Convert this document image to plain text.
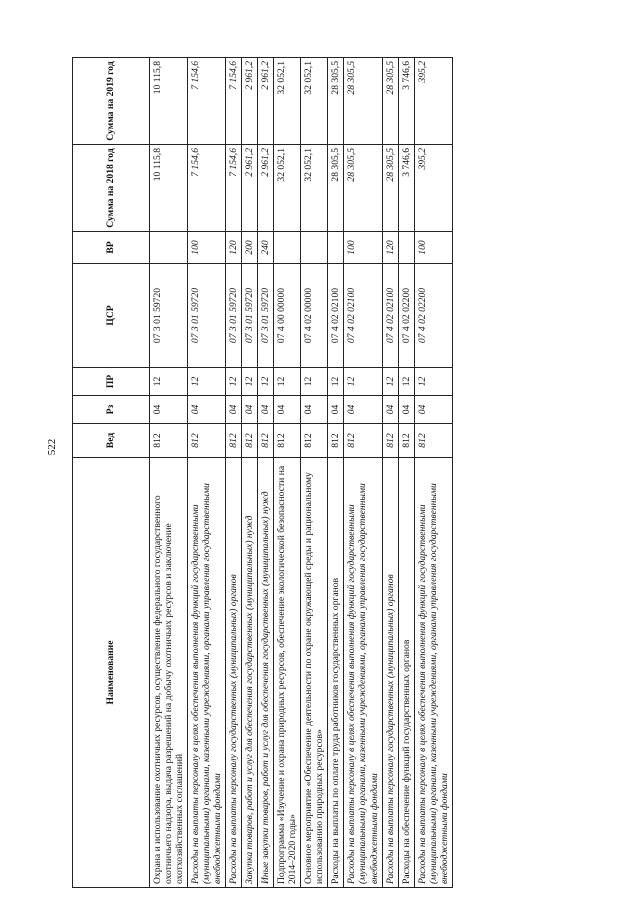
522
Наименование	Вед	Рз	ПР	ЦСР	ВР	Сумма на 2018 год	Сумма на 2019 год
Охрана и использование охотничьих ресурсов, осуществление федерального государственного охотничьего надзора, выдача разрешений на добычу охотничьих ресурсов и заключение охотхозяйственных соглашений	812	04	12	07 3 01 59720		10 115,8	10 115,8
Расходы на выплаты персоналу в целях обеспечения выполнения функций государственными (муниципальными) органами, казенными учреждениями, органами управления государственными внебюджетными фондами	812	04	12	07 3 01 59720	100	7 154,6	7 154,6
Расходы на выплаты персоналу государственных (муниципальных) органов	812	04	12	07 3 01 59720	120	7 154,6	7 154,6
Закупка товаров, работ и услуг для обеспечения государственных (муниципальных) нужд	812	04	12	07 3 01 59720	200	2 961,2	2 961,2
Иные закупки товаров, работ и услуг для обеспечения государственных (муниципальных) нужд	812	04	12	07 3 01 59720	240	2 961,2	2 961,2
Подпрограмма «Изучение и охрана природных ресурсов, обеспечение экологической безопасности на 2014–2020 годы»	812	04	12	07 4 00 00000		32 052,1	32 052,1
Основное мероприятие «Обеспечение деятельности по охране окружающей среды и рациональному использованию природных ресурсов»	812	04	12	07 4 02 00000		32 052,1	32 052,1
Расходы на выплаты по оплате труда работников государственных органов	812	04	12	07 4 02 02100		28 305,5	28 305,5
Расходы на выплаты персоналу в целях обеспечения выполнения функций государственными (муниципальными) органами, казенными учреждениями, органами управления государственными внебюджетными фондами	812	04	12	07 4 02 02100	100	28 305,5	28 305,5
Расходы на выплаты персоналу государственных (муниципальных) органов	812	04	12	07 4 02 02100	120	28 305,5	28 305,5
Расходы на обеспечение функций государственных органов	812	04	12	07 4 02 02200		3 746,6	3 746,6
Расходы на выплаты персоналу в целях обеспечения выполнения функций государственными (муниципальными) органами, казенными учреждениями, органами управления государственными внебюджетными фондами	812	04	12	07 4 02 02200	100	395,2	395,2
